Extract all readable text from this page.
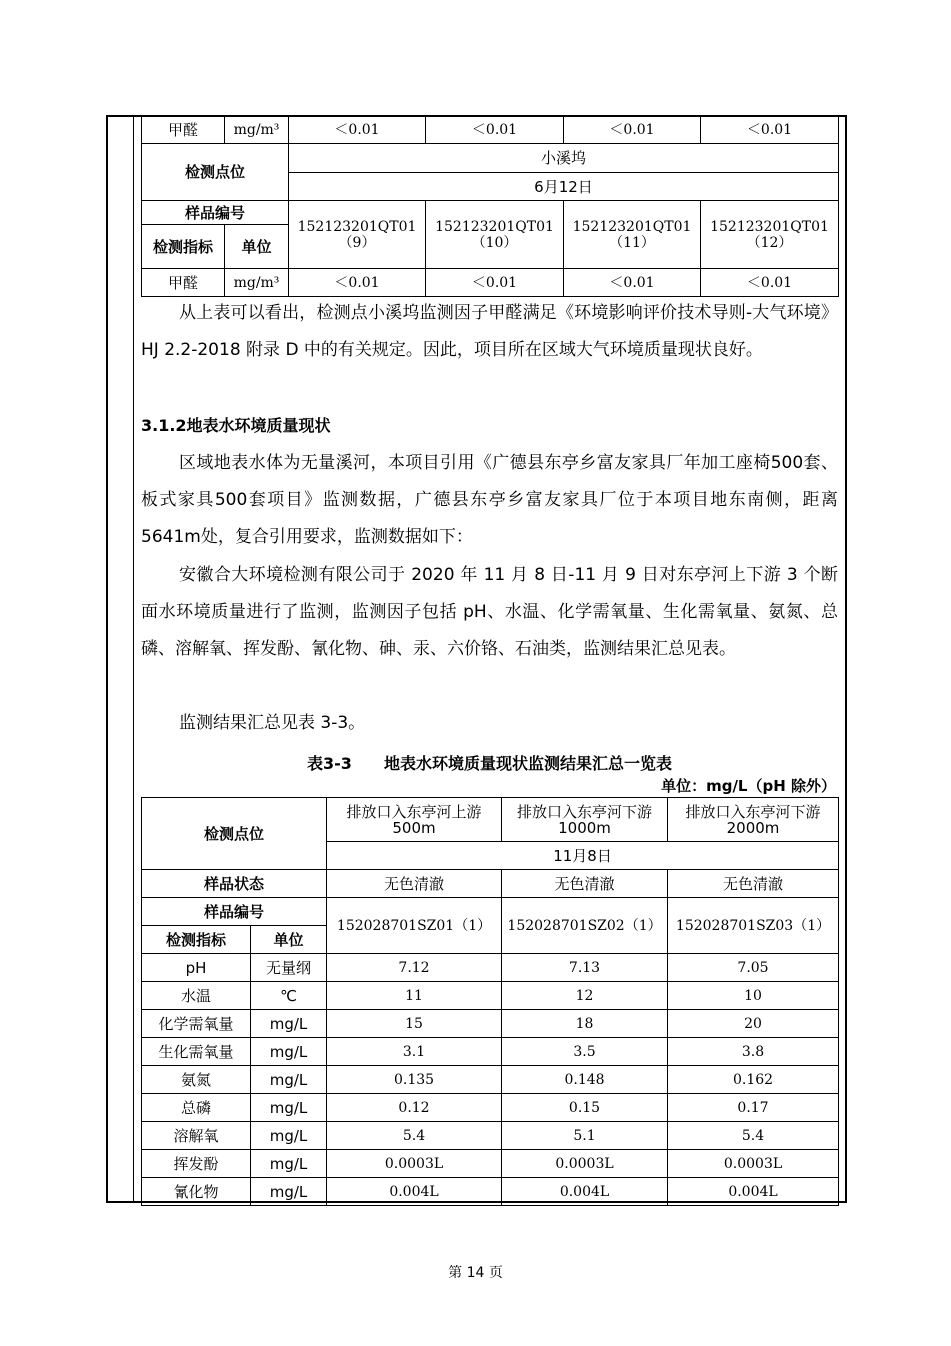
甲醛	mg/m³	＜0.01	＜0.01	＜0.01	＜0.01
检测点位		小溪坞			
		6月12日			
样品编号		152123201QT01（9）	152123201QT01（10）	152123201QT01（11）	152123201QT01（12）
检测指标	单位				
甲醛	mg/m³	＜0.01	＜0.01	＜0.01	＜0.01
从上表可以看出，检测点小溪坞监测因子甲醛满足《环境影响评价技术导则-大气环境》 HJ 2.2-2018 附录 D 中的有关规定。因此，项目所在区域大气环境质量现状良好。
3.1.2地表水环境质量现状
区域地表水体为无量溪河，本项目引用《广德县东亭乡富友家具厂年加工座椅500套、板式家具500套项目》监测数据，广德县东亭乡富友家具厂位于本项目地东南侧，距离5641m处，复合引用要求，监测数据如下：
安徽合大环境检测有限公司于 2020 年 11 月 8 日-11 月 9 日对东亭河上下游 3 个断面水环境质量进行了监测，监测因子包括 pH、水温、化学需氧量、生化需氧量、氨氮、总磷、溶解氧、挥发酚、氰化物、砷、汞、六价铬、石油类，监测结果汇总见表。
监测结果汇总见表 3-3。
表3-3　　地表水环境质量现状监测结果汇总一览表
单位：mg/L（pH 除外）
检测点位		排放口入东亭河上游500m	排放口入东亭河下游 1000m	排放口入东亭河下游2000m
		11月8日		
样品状态		无色清澈	无色清澈	无色清澈
样品编号		152028701SZ01（1）	152028701SZ02（1）	152028701SZ03（1）
检测指标	单位			
pH	无量纲	7.12	7.13	7.05
水温	℃	11	12	10
化学需氧量	mg/L	15	18	20
生化需氧量	mg/L	3.1	3.5	3.8
氨氮	mg/L	0.135	0.148	0.162
总磷	mg/L	0.12	0.15	0.17
溶解氧	mg/L	5.4	5.1	5.4
挥发酚	mg/L	0.0003L	0.0003L	0.0003L
氰化物	mg/L	0.004L	0.004L	0.004L
第 14 页
